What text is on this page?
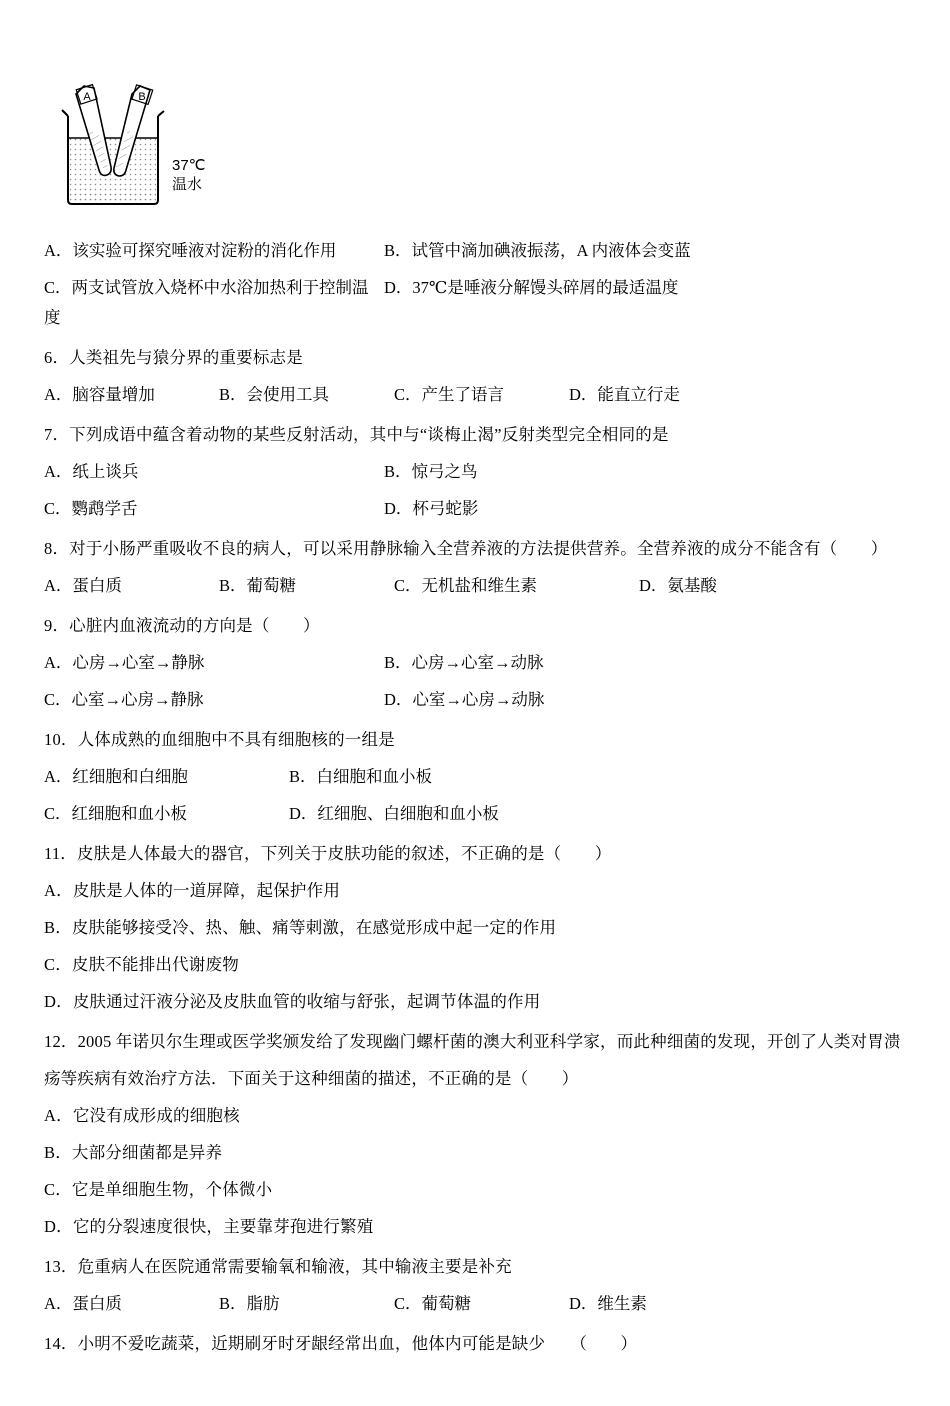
A	B
37℃
温水
A．该实验可探究唾液对淀粉的消化作用	B．试管中滴加碘液振荡，A 内液体会变蓝
C．两支试管放入烧杯中水浴加热利于控制温度
D．37℃是唾液分解馒头碎屑的最适温度

6．人类祖先与猿分界的重要标志是

A．脑容量增加	B．会使用工具	C．产生了语言	D．能直立行走

7．下列成语中蕴含着动物的某些反射活动，其中与“谈梅止渴”反射类型完全相同的是

A．纸上谈兵	B．惊弓之鸟
C．鹦鹉学舌	D．杯弓蛇影

8．对于小肠严重吸收不良的病人，可以采用静脉输入全营养液的方法提供营养。全营养液的成分不能含有（　　）

A．蛋白质	B．葡萄糖	C．无机盐和维生素	D．氨基酸

9．心脏内血液流动的方向是（　　）

A．心房→心室→静脉	B．心房→心室→动脉
C．心室→心房→静脉	D．心室→心房→动脉

10．人体成熟的血细胞中不具有细胞核的一组是

A．红细胞和白细胞	B．白细胞和血小板
C．红细胞和血小板	D．红细胞、白细胞和血小板

11．皮肤是人体最大的器官，下列关于皮肤功能的叙述，不正确的是（　　）

A．皮肤是人体的一道屏障，起保护作用

B．皮肤能够接受冷、热、触、痛等刺激，在感觉形成中起一定的作用

C．皮肤不能排出代谢废物

D．皮肤通过汗液分泌及皮肤血管的收缩与舒张，起调节体温的作用

12．2005 年诺贝尔生理或医学奖颁发给了发现幽门螺杆菌的澳大利亚科学家，而此种细菌的发现，开创了人类对胃溃

疡等疾病有效治疗方法．下面关于这种细菌的描述，不正确的是（　　）

A．它没有成形成的细胞核

B．大部分细菌都是异养

C．它是单细胞生物，个体微小

D．它的分裂速度很快，主要靠芽孢进行繁殖

13．危重病人在医院通常需要输氧和输液，其中输液主要是补充

A．蛋白质	B．脂肪	C．葡萄糖	D．维生素

14．小明不爱吃蔬菜，近期刷牙时牙龈经常出血，他体内可能是缺少　　（　　）
